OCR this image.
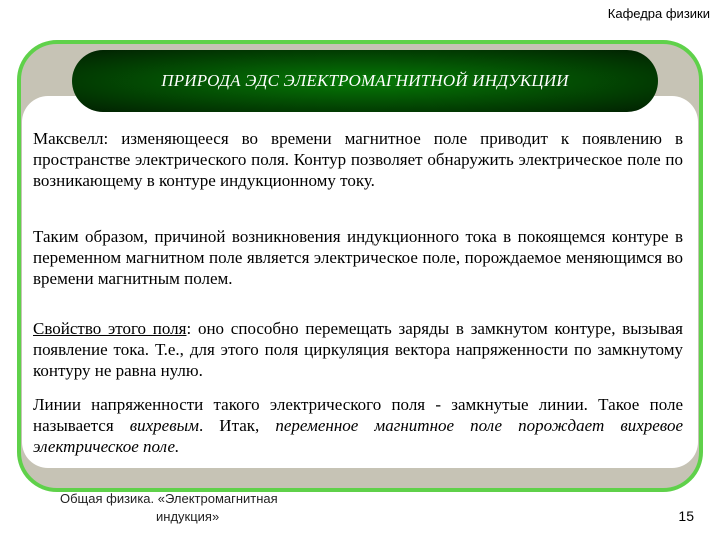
Кафедра физики
ПРИРОДА ЭДС ЭЛЕКТРОМАГНИТНОЙ ИНДУКЦИИ
Максвелл: изменяющееся во времени магнитное поле приводит к появлению в пространстве электрического поля. Контур позволяет обнаружить электрическое поле по возникающему в контуре индукционному току.
Таким образом, причиной возникновения индукционного тока в покоящемся контуре в переменном магнитном поле является электрическое поле, порождаемое меняющимся во времени магнитным полем.
Свойство этого поля: оно способно перемещать заряды в замкнутом контуре, вызывая появление тока. Т.е., для этого поля циркуляция вектора напряженности по замкнутому контуру не равна нулю.
Линии напряженности такого электрического поля - замкнутые линии. Такое поле называется вихревым. Итак, переменное магнитное поле порождает вихревое электрическое поле.
Общая физика. «Электромагнитная
индукция»	15
